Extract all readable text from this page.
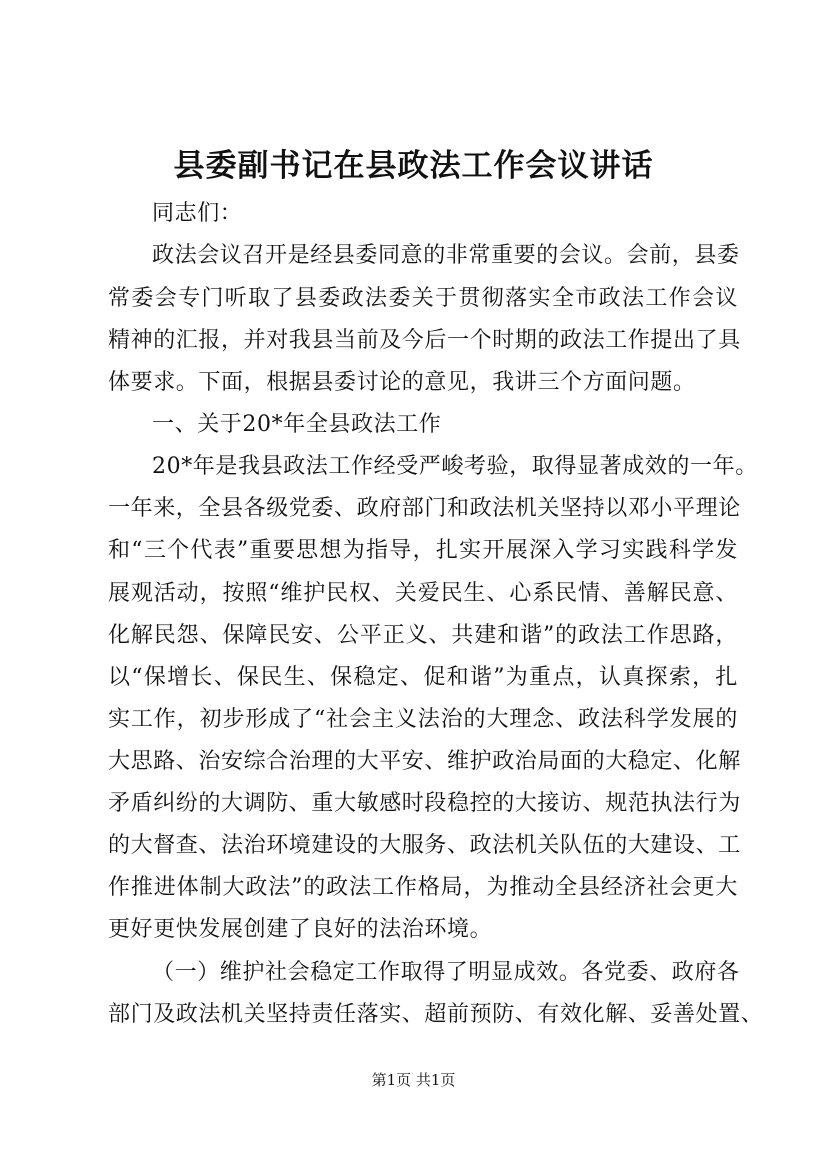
县委副书记在县政法工作会议讲话
同志们：
政法会议召开是经县委同意的非常重要的会议。会前，县委
常委会专门听取了县委政法委关于贯彻落实全市政法工作会议
精神的汇报，并对我县当前及今后一个时期的政法工作提出了具
体要求。下面，根据县委讨论的意见，我讲三个方面问题。
一、关于20*年全县政法工作
20*年是我县政法工作经受严峻考验，取得显著成效的一年。
一年来，全县各级党委、政府部门和政法机关坚持以邓小平理论
和“三个代表”重要思想为指导，扎实开展深入学习实践科学发
展观活动，按照“维护民权、关爱民生、心系民情、善解民意、
化解民怨、保障民安、公平正义、共建和谐”的政法工作思路，
以“保增长、保民生、保稳定、促和谐”为重点，认真探索，扎
实工作，初步形成了“社会主义法治的大理念、政法科学发展的
大思路、治安综合治理的大平安、维护政治局面的大稳定、化解
矛盾纠纷的大调防、重大敏感时段稳控的大接访、规范执法行为
的大督查、法治环境建设的大服务、政法机关队伍的大建设、工
作推进体制大政法”的政法工作格局，为推动全县经济社会更大
更好更快发展创建了良好的法治环境。
（一）维护社会稳定工作取得了明显成效。各党委、政府各
部门及政法机关坚持责任落实、超前预防、有效化解、妥善处置、
第1页 共1页
